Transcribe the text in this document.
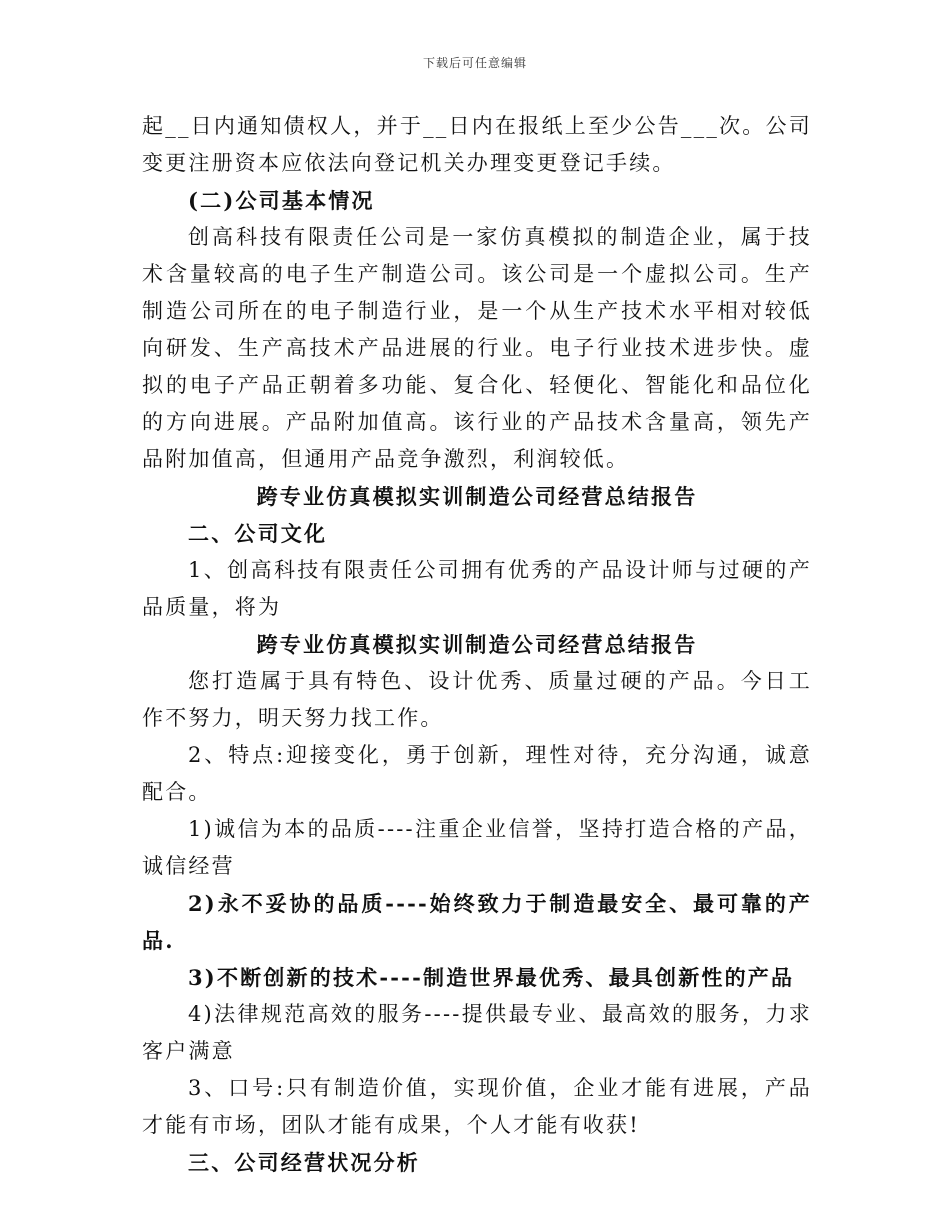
下载后可任意编辑

起__日内通知债权人，并于__日内在报纸上至少公告___次。公司变更注册资本应依法向登记机关办理变更登记手续。

(二)公司基本情况

创高科技有限责任公司是一家仿真模拟的制造企业，属于技术含量较高的电子生产制造公司。该公司是一个虚拟公司。生产制造公司所在的电子制造行业，是一个从生产技术水平相对较低向研发、生产高技术产品进展的行业。电子行业技术进步快。虚拟的电子产品正朝着多功能、复合化、轻便化、智能化和品位化的方向进展。产品附加值高。该行业的产品技术含量高，领先产品附加值高，但通用产品竞争激烈，利润较低。

跨专业仿真模拟实训制造公司经营总结报告

二、公司文化

1、创高科技有限责任公司拥有优秀的产品设计师与过硬的产品质量，将为

跨专业仿真模拟实训制造公司经营总结报告

您打造属于具有特色、设计优秀、质量过硬的产品。今日工作不努力，明天努力找工作。

2、特点:迎接变化，勇于创新，理性对待，充分沟通，诚意配合。

1)诚信为本的品质----注重企业信誉，坚持打造合格的产品，诚信经营

2)永不妥协的品质----始终致力于制造最安全、最可靠的产品.

3)不断创新的技术----制造世界最优秀、最具创新性的产品

4)法律规范高效的服务----提供最专业、最高效的服务，力求客户满意

3、口号:只有制造价值，实现价值，企业才能有进展，产品才能有市场，团队才能有成果，个人才能有收获!

三、公司经营状况分析
